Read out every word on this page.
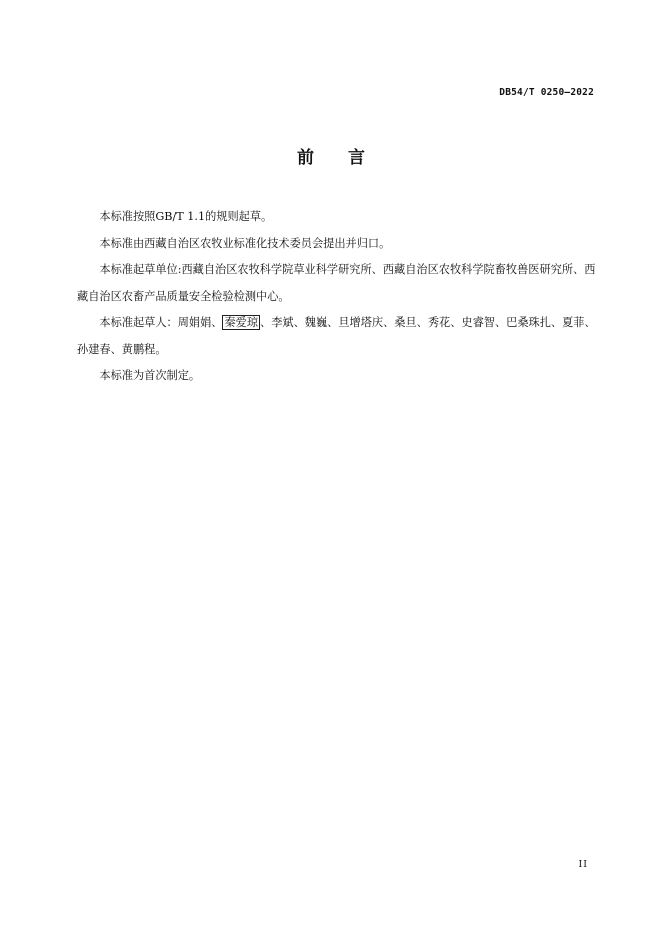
DB54/T 0250—2022
前 言

本标准按照GB/T 1.1的规则起草。

本标准由西藏自治区农牧业标准化技术委员会提出并归口。

本标准起草单位:西藏自治区农牧科学院草业科学研究所、西藏自治区农牧科学院畜牧兽医研究所、西藏自治区农畜产品质量安全检验检测中心。

本标准起草人：周娟娟、 秦爱琼 、李斌、魏巍、旦增塔庆、桑旦、秀花、史睿智、巴桑珠扎、夏菲、孙建春、黄鹏程。

本标准为首次制定。

II
